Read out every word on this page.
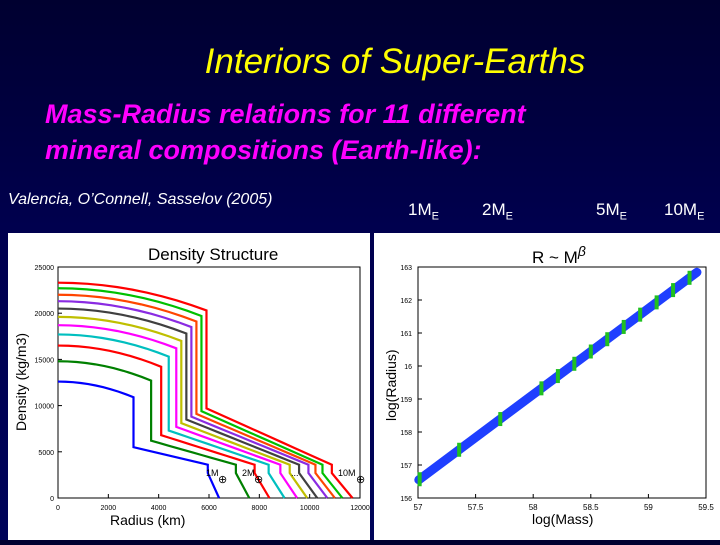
Interiors of Super-Earths
Mass-Radius relations for 11 different
mineral compositions (Earth-like):
Valencia, O’Connell, Sasselov (2005)
$1M_E$	$2M_E$	$5M_E$ $10M_E$
Density Structure
Radius (km)
Density (kg/m3)
0	2000	4000	6000	8000	10000	12000
0
5000
10000
15000
20000
25000
1M
⊕
2M
⊕
...	10M
⊕
R ~ $M^\beta$
log(Mass)
log(Radius)
57	57.5	58	58.5	59	59.5
156
157
158
159
16
161
162
163
